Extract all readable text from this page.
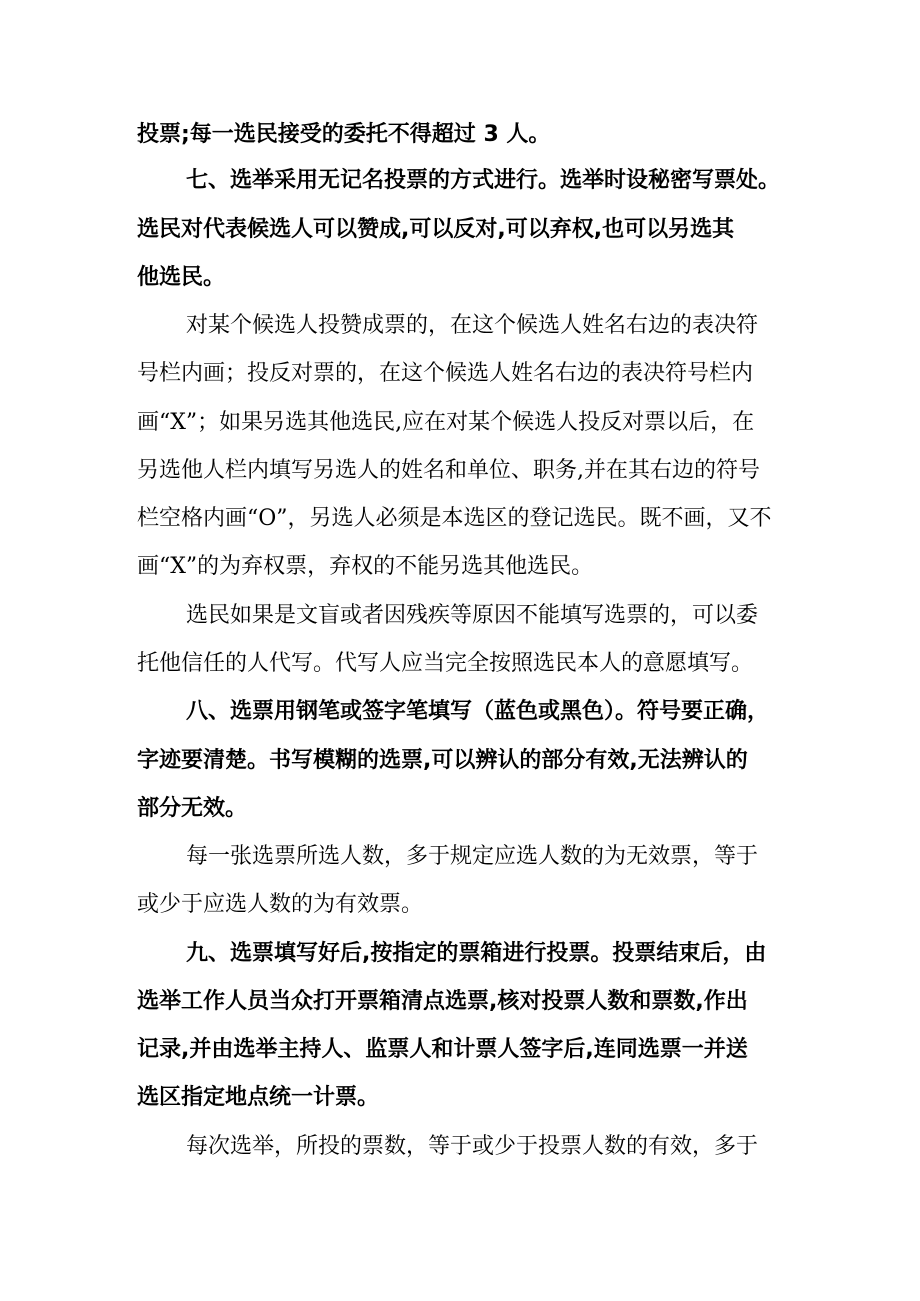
投票;每一选民接受的委托不得超过 3 人。
七、选举采用无记名投票的方式进行。选举时设秘密写票处。
选民对代表候选人可以赞成,可以反对,可以弃权,也可以另选其
他选民。
对某个候选人投赞成票的，在这个候选人姓名右边的表决符
号栏内画；投反对票的，在这个候选人姓名右边的表决符号栏内
画“X”；如果另选其他选民,应在对某个候选人投反对票以后，在
另选他人栏内填写另选人的姓名和单位、职务,并在其右边的符号
栏空格内画“O”，另选人必须是本选区的登记选民。既不画，又不
画“X”的为弃权票，弃权的不能另选其他选民。
选民如果是文盲或者因残疾等原因不能填写选票的，可以委
托他信任的人代写。代写人应当完全按照选民本人的意愿填写。
八、选票用钢笔或签字笔填写（蓝色或黑色）。符号要正确，
字迹要清楚。书写模糊的选票,可以辨认的部分有效,无法辨认的
部分无效。
每一张选票所选人数，多于规定应选人数的为无效票，等于
或少于应选人数的为有效票。
九、选票填写好后,按指定的票箱进行投票。投票结束后，由
选举工作人员当众打开票箱清点选票,核对投票人数和票数,作出
记录,并由选举主持人、监票人和计票人签字后,连同选票一并送
选区指定地点统一计票。
每次选举，所投的票数，等于或少于投票人数的有效，多于
